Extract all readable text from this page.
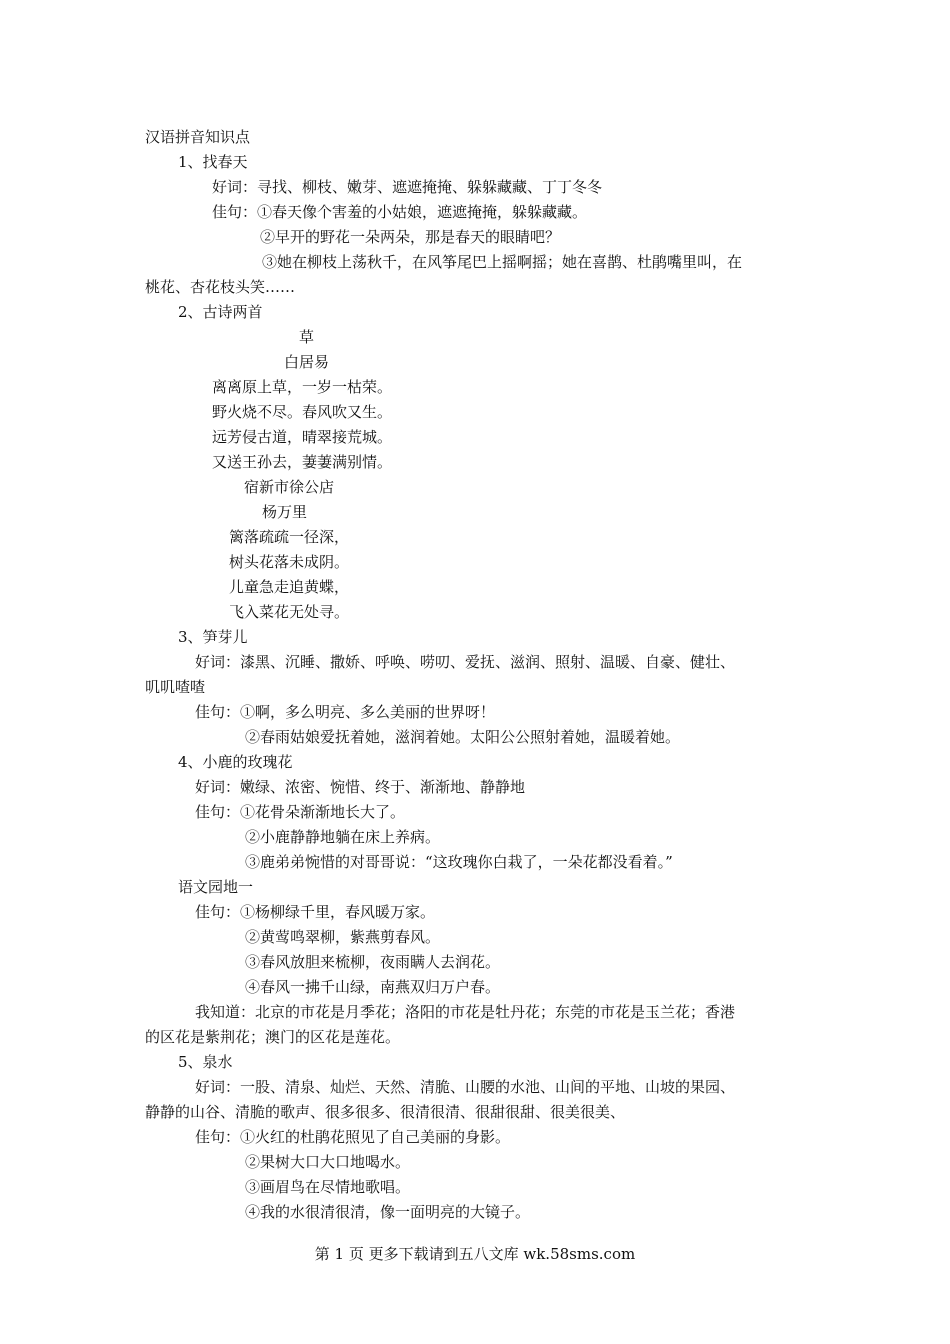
汉语拼音知识点
1、找春天
好词：寻找、柳枝、嫩芽、遮遮掩掩、躲躲藏藏、丁丁冬冬
佳句：①春天像个害羞的小姑娘，遮遮掩掩，躲躲藏藏。
②早开的野花一朵两朵，那是春天的眼睛吧？
③她在柳枝上荡秋千，在风筝尾巴上摇啊摇；她在喜鹊、杜鹃嘴里叫，在
桃花、杏花枝头笑……
2、古诗两首
草
白居易
离离原上草，一岁一枯荣。
野火烧不尽。春风吹又生。
远芳侵古道，晴翠接荒城。
又送王孙去，萋萋满别情。
宿新市徐公店
杨万里
篱落疏疏一径深，
树头花落未成阴。
儿童急走追黄蝶，
飞入菜花无处寻。
3、笋芽儿
好词：漆黑、沉睡、撒娇、呼唤、唠叨、爱抚、滋润、照射、温暖、自豪、健壮、
叽叽喳喳
佳句：①啊，多么明亮、多么美丽的世界呀！
②春雨姑娘爱抚着她，滋润着她。太阳公公照射着她，温暖着她。
4、小鹿的玫瑰花
好词：嫩绿、浓密、惋惜、终于、渐渐地、静静地
佳句：①花骨朵渐渐地长大了。
②小鹿静静地躺在床上养病。
③鹿弟弟惋惜的对哥哥说：“这玫瑰你白栽了，一朵花都没看着。”
语文园地一
佳句：①杨柳绿千里，春风暖万家。
②黄莺鸣翠柳，紫燕剪春风。
③春风放胆来梳柳，夜雨瞒人去润花。
④春风一拂千山绿，南燕双归万户春。
我知道：北京的市花是月季花；洛阳的市花是牡丹花；东莞的市花是玉兰花；香港
的区花是紫荆花；澳门的区花是莲花。
5、泉水
好词：一股、清泉、灿烂、天然、清脆、山腰的水池、山间的平地、山坡的果园、
静静的山谷、清脆的歌声、很多很多、很清很清、很甜很甜、很美很美、
佳句：①火红的杜鹃花照见了自己美丽的身影。
②果树大口大口地喝水。
③画眉鸟在尽情地歌唱。
④我的水很清很清，像一面明亮的大镜子。
第 1 页 更多下载请到五八文库 wk.58sms.com
